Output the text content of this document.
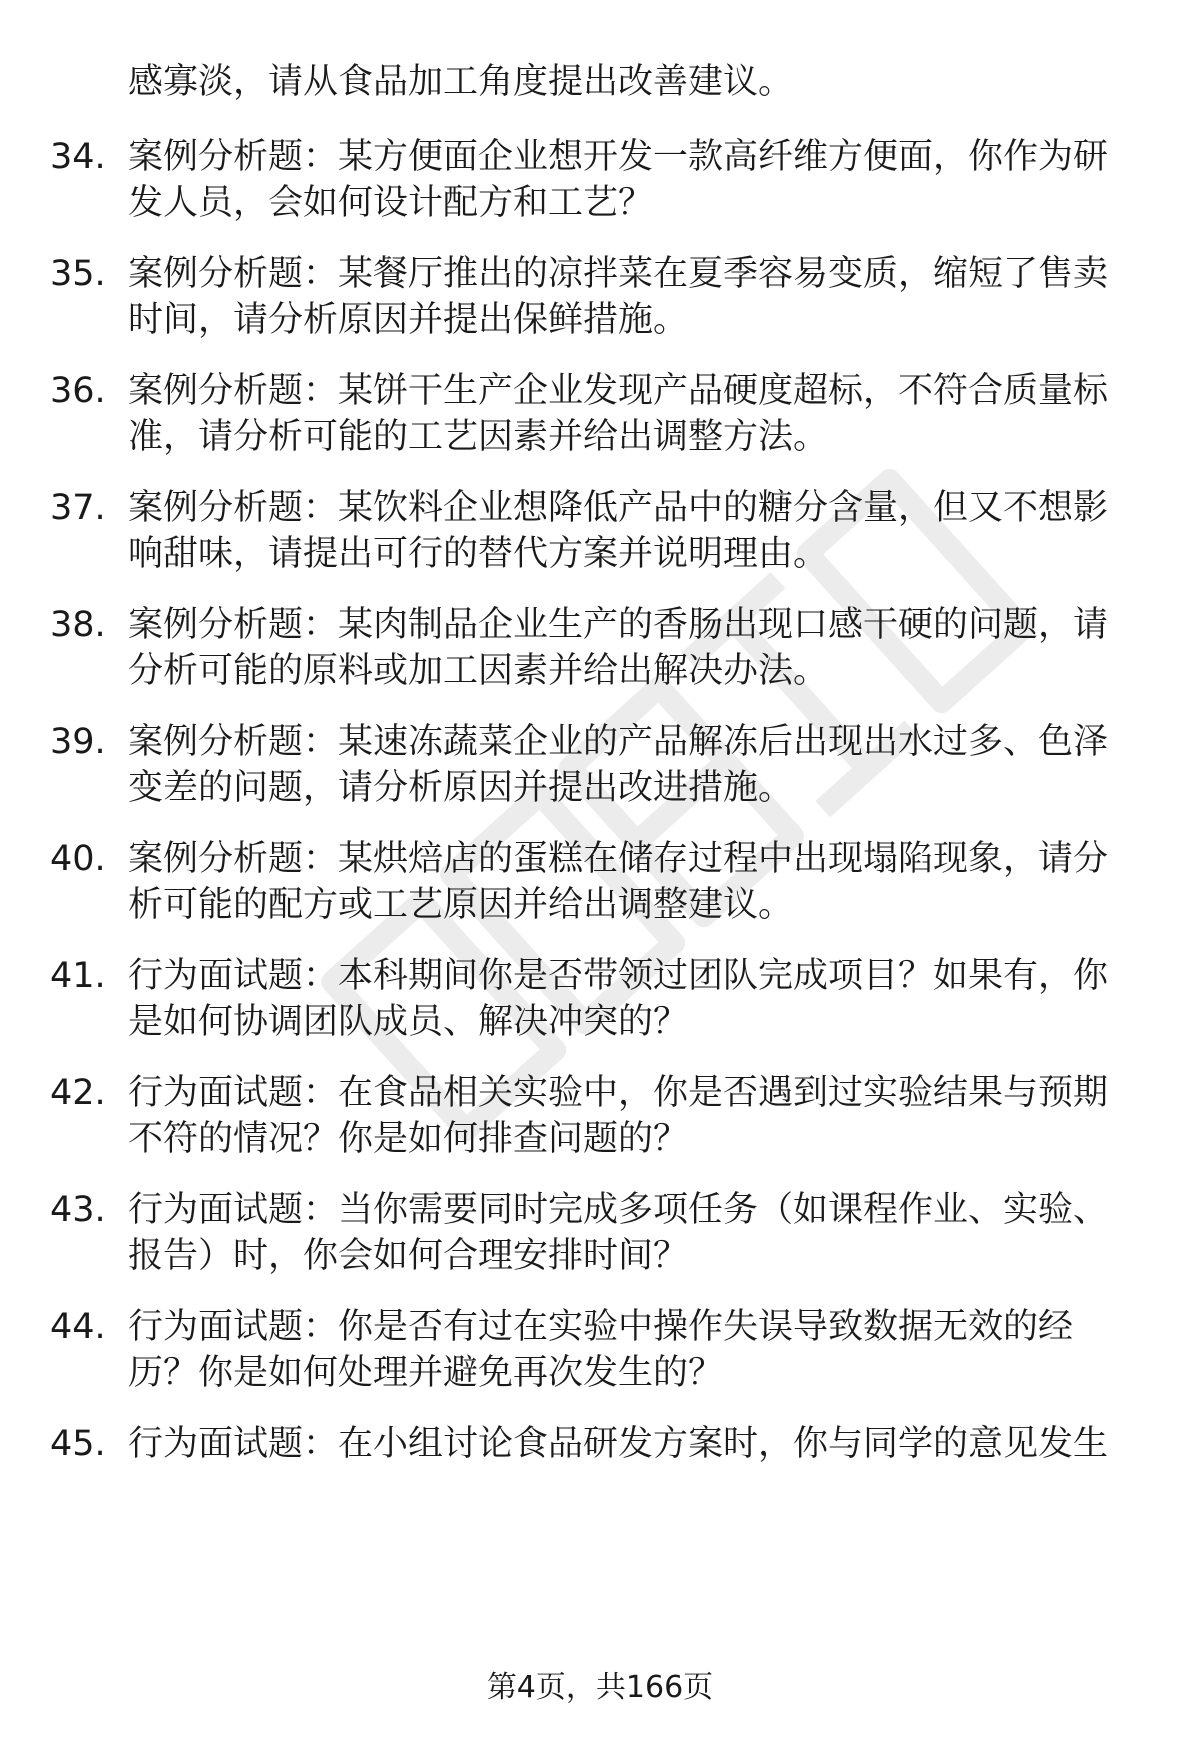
感寡淡，请从食品加工角度提出改善建议。
34. 案例分析题：某方便面企业想开发一款高纤维方便面，你作为研
发人员，会如何设计配方和工艺？
35. 案例分析题：某餐厅推出的凉拌菜在夏季容易变质，缩短了售卖
时间，请分析原因并提出保鲜措施。
36. 案例分析题：某饼干生产企业发现产品硬度超标，不符合质量标
准，请分析可能的工艺因素并给出调整方法。
37. 案例分析题：某饮料企业想降低产品中的糖分含量，但又不想影
响甜味，请提出可行的替代方案并说明理由。
38. 案例分析题：某肉制品企业生产的香肠出现口感干硬的问题，请
分析可能的原料或加工因素并给出解决办法。
39. 案例分析题：某速冻蔬菜企业的产品解冻后出现出水过多、色泽
变差的问题，请分析原因并提出改进措施。
40. 案例分析题：某烘焙店的蛋糕在储存过程中出现塌陷现象，请分
析可能的配方或工艺原因并给出调整建议。
41. 行为面试题：本科期间你是否带领过团队完成项目？如果有，你
是如何协调团队成员、解决冲突的？
42. 行为面试题：在食品相关实验中，你是否遇到过实验结果与预期
不符的情况？你是如何排查问题的？
43. 行为面试题：当你需要同时完成多项任务（如课程作业、实验、
报告）时，你会如何合理安排时间？
44. 行为面试题：你是否有过在实验中操作失误导致数据无效的经
历？你是如何处理并避免再次发生的？
45. 行为面试题：在小组讨论食品研发方案时，你与同学的意见发生
第4页，共166页
